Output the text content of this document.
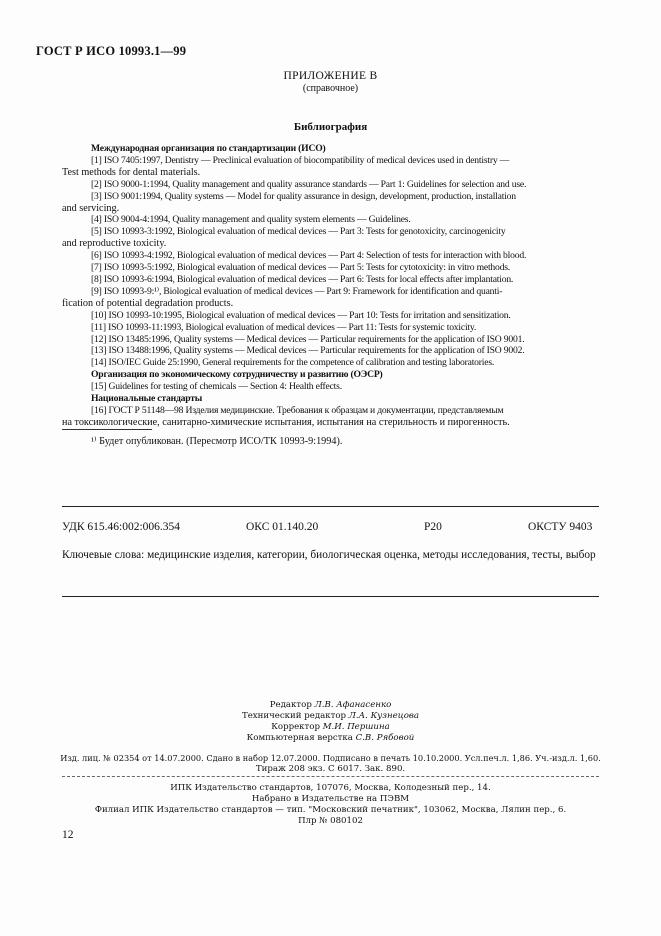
ГОСТ Р ИСО 10993.1—99
ПРИЛОЖЕНИЕ В
(справочное)
Библиография
Международная организация по стандартизации (ИСО)
[1] ISO 7405:1997, Dentistry — Preclinical evaluation of biocompatibility of medical devices used in dentistry —
Test methods for dental materials.
[2] ISO 9000-1:1994, Quality management and quality assurance standards — Part 1: Guidelines for selection and use.
[3] ISO 9001:1994, Quality systems — Model for quality assurance in design, development, production, installation
and servicing.
[4] ISO 9004-4:1994, Quality management and quality system elements — Guidelines.
[5] ISO 10993-3:1992, Biological evaluation of medical devices — Part 3: Tests for genotoxicity, carcinogenicity
and reproductive toxicity.
[6] ISO 10993-4:1992, Biological evaluation of medical devices — Part 4: Selection of tests for interaction with blood.
[7] ISO 10993-5:1992, Biological evaluation of medical devices — Part 5: Tests for cytotoxicity: in vitro methods.
[8] ISO 10993-6:1994, Biological evaluation of medical devices — Part 6: Tests for local effects after implantation.
[9] ISO 10993-9:¹⁾, Biological evaluation of medical devices — Part 9: Framework for identification and quanti-
fication of potential degradation products.
[10] ISO 10993-10:1995, Biological evaluation of medical devices — Part 10: Tests for irritation and sensitization.
[11] ISO 10993-11:1993, Biological evaluation of medical devices — Part 11: Tests for systemic toxicity.
[12] ISO 13485:1996, Quality systems — Medical devices — Particular requirements for the application of ISO 9001.
[13] ISO 13488:1996, Quality systems — Medical devices — Particular requirements for the application of ISO 9002.
[14] ISO/IEC Guide 25:1990, General requirements for the competence of calibration and testing laboratories.
Организация по экономическому сотрудничеству и развитию (ОЭСР)
[15] Guidelines for testing of chemicals — Section 4: Health effects.
Национальные стандарты
[16] ГОСТ Р 51148—98 Изделия медицинские. Требования к образцам и документации, представляемым
на токсикологические, санитарно-химические испытания, испытания на стерильность и пирогенность.
¹⁾ Будет опубликован. (Пересмотр ИСО/ТК 10993-9:1994).
УДК 615.46:002:006.354	ОКС 01.140.20	Р20	ОКСТУ 9403
Ключевые слова: медицинские изделия, категории, биологическая оценка, методы исследования, тесты, выбор
Редактор Л.В. Афанасенко
Технический редактор Л.А. Кузнецова
Корректор М.И. Першина
Компьютерная верстка С.В. Рябовой
Изд. лиц. № 02354 от 14.07.2000. Сдано в набор 12.07.2000. Подписано в печать 10.10.2000. Усл.печ.л. 1,86. Уч.-изд.л. 1,60.
Тираж 208 экз. С 6017. Зак. 890.
ИПК Издательство стандартов, 107076, Москва, Колодезный пер., 14.
Набрано в Издательстве на ПЭВМ
Филиал ИПК Издательство стандартов — тип. "Московский печатник", 103062, Москва, Лялин пер., 6.
Плр № 080102
12
